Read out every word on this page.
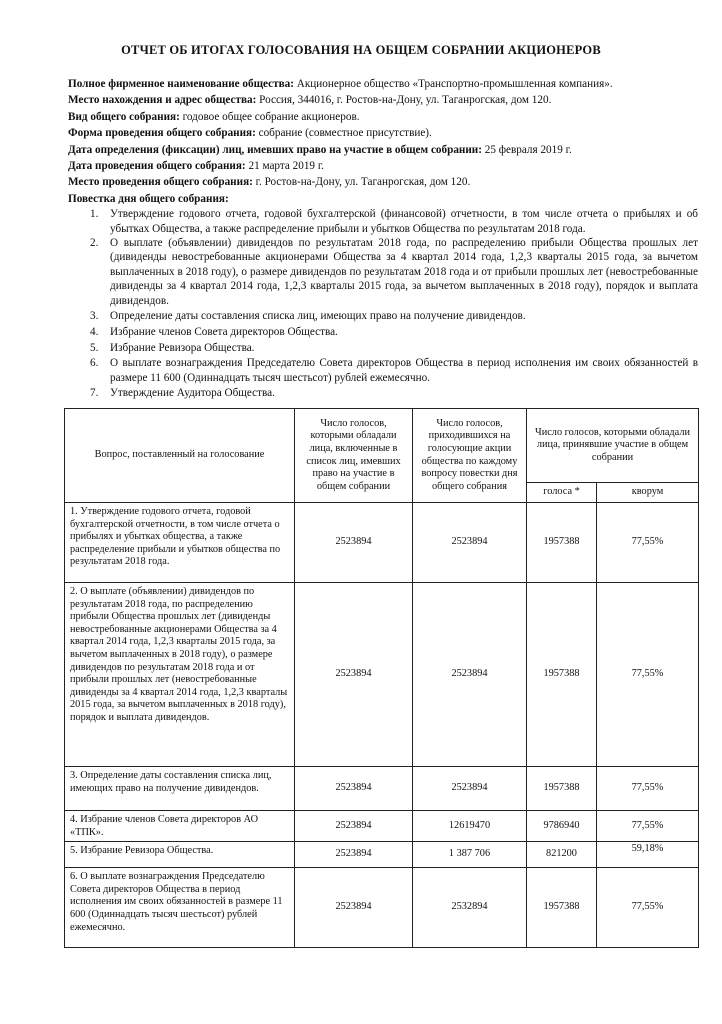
ОТЧЕТ ОБ ИТОГАХ ГОЛОСОВАНИЯ НА ОБЩЕМ СОБРАНИИ АКЦИОНЕРОВ
Полное фирменное наименование общества: Акционерное общество «Транспортно-промышленная компания».
Место нахождения и адрес общества: Россия, 344016, г. Ростов-на-Дону, ул. Таганрогская, дом 120.
Вид общего собрания: годовое общее собрание акционеров.
Форма проведения общего собрания: собрание (совместное присутствие).
Дата определения (фиксации) лиц, имевших право на участие в общем собрании: 25 февраля 2019 г.
Дата проведения общего собрания: 21 марта 2019 г.
Место проведения общего собрания: г. Ростов-на-Дону, ул. Таганрогская, дом 120.
Повестка дня общего собрания:
1. Утверждение годового отчета, годовой бухгалтерской (финансовой) отчетности, в том числе отчета о прибылях и об убытках Общества, а также распределение прибыли и убытков Общества по результатам 2018 года.
2. О выплате (объявлении) дивидендов по результатам 2018 года, по распределению прибыли Общества прошлых лет (дивиденды невостребованные акционерами Общества за 4 квартал 2014 года, 1,2,3 кварталы 2015 года, за вычетом выплаченных в 2018 году), о размере дивидендов по результатам 2018 года и от прибыли прошлых лет (невостребованные дивиденды за 4 квартал 2014 года, 1,2,3 кварталы 2015 года, за вычетом выплаченных в 2018 году), порядок и выплата дивидендов.
3. Определение даты составления списка лиц, имеющих право на получение дивидендов.
4. Избрание членов Совета директоров Общества.
5. Избрание Ревизора Общества.
6. О выплате вознаграждения Председателю Совета директоров Общества в период исполнения им своих обязанностей в размере 11 600 (Одиннадцать тысяч шестьсот) рублей ежемесячно.
7. Утверждение Аудитора Общества.
Вопрос, поставленный на голосование	Число голосов, которыми обладали лица, включенные в список лиц, имевших право на участие в общем собрании	Число голосов, приходившихся на голосующие акции общества по каждому вопросу повестки дня общего собрания	Число голосов, которыми обладали лица, принявшие участие в общем собрании	
			голоса *	кворум
1. Утверждение годового отчета, годовой бухгалтерской отчетности, в том числе отчета о прибылях и убытках общества, а также распределение прибыли и убытков общества по результатам 2018 года.	2523894	2523894	1957388	77,55%
2. О выплате (объявлении) дивидендов по результатам 2018 года, по распределению прибыли Общества прошлых лет (дивиденды невостребованные акционерами Общества за 4 квартал 2014 года, 1,2,3 кварталы 2015 года, за вычетом выплаченных в 2018 году), о размере дивидендов по результатам 2018 года и от прибыли прошлых лет (невостребованные дивиденды за 4 квартал 2014 года, 1,2,3 кварталы 2015 года, за вычетом выплаченных в 2018 году), порядок и выплата дивидендов.	2523894	2523894	1957388	77,55%
3. Определение даты составления списка лиц, имеющих право на получение дивидендов.	2523894	2523894	1957388	77,55%
4. Избрание членов Совета директоров АО «ТПК».	2523894	12619470	9786940	77,55%
5. Избрание Ревизора Общества.	2523894	1 387 706	821200	59,18%
6. О выплате вознаграждения Председателю Совета директоров Общества в период исполнения им своих обязанностей в размере 11 600 (Одиннадцать тысяч шестьсот) рублей ежемесячно.	2523894	2532894	1957388	77,55%
